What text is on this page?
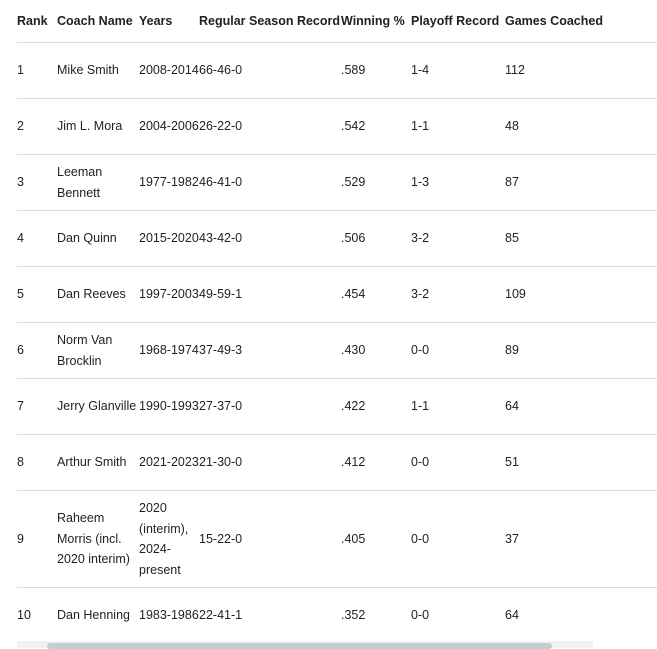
Rank	Coach Name	Years	Regular Season Record	Winning %	Playoff Record	Games Coached
1	Mike Smith	2008-2014	66-46-0	.589	1-4	112
2	Jim L. Mora	2004-2006	26-22-0	.542	1-1	48
3	Leeman Bennett	1977-1982	46-41-0	.529	1-3	87
4	Dan Quinn	2015-2020	43-42-0	.506	3-2	85
5	Dan Reeves	1997-2003	49-59-1	.454	3-2	109
6	Norm Van Brocklin	1968-1974	37-49-3	.430	0-0	89
7	Jerry Glanville	1990-1993	27-37-0	.422	1-1	64
8	Arthur Smith	2021-2023	21-30-0	.412	0-0	51
9	Raheem Morris (incl. 2020 interim)	2020 (interim), 2024-present	15-22-0	.405	0-0	37
10	Dan Henning	1983-1986	22-41-1	.352	0-0	64
